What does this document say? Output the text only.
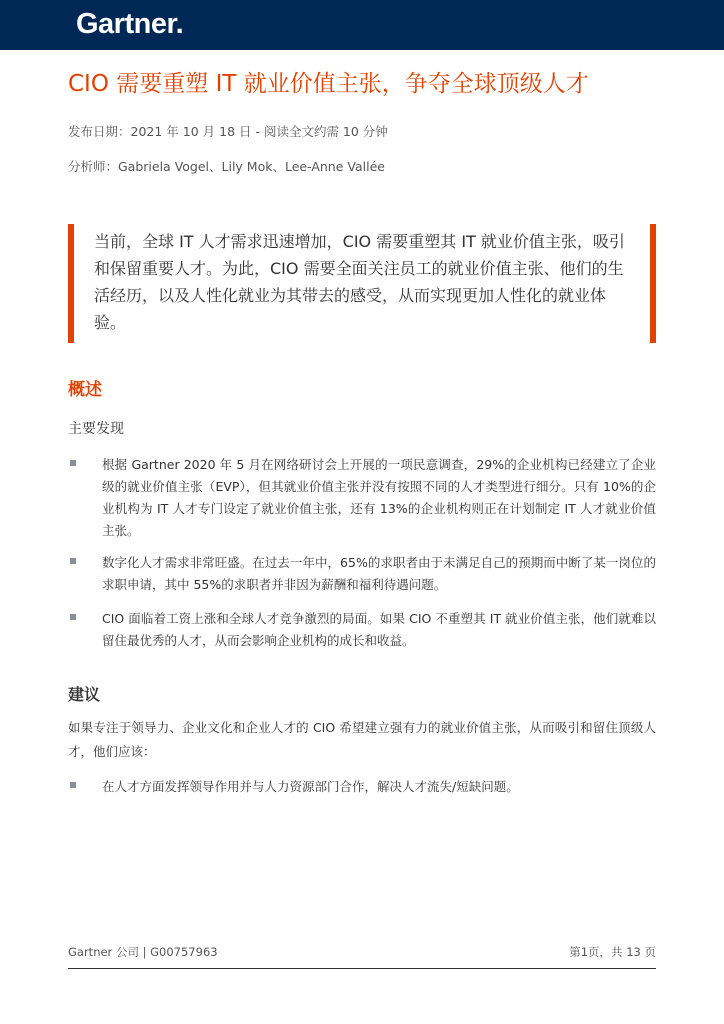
Gartner.
CIO 需要重塑 IT 就业价值主张，争夺全球顶级人才
发布日期：2021 年 10 月 18 日 - 阅读全文约需 10 分钟
分析师：Gabriela Vogel、Lily Mok、Lee-Anne Vallée
当前，全球 IT 人才需求迅速增加，CIO 需要重塑其 IT 就业价值主张，吸引和保留重要人才。为此，CIO 需要全面关注员工的就业价值主张、他们的生活经历，以及人性化就业为其带去的感受，从而实现更加人性化的就业体验。
概述
主要发现
根据 Gartner 2020 年 5 月在网络研讨会上开展的一项民意调查，29%的企业机构已经建立了企业级的就业价值主张（EVP），但其就业价值主张并没有按照不同的人才类型进行细分。只有 10%的企业机构为 IT 人才专门设定了就业价值主张，还有 13%的企业机构则正在计划制定 IT 人才就业价值主张。
数字化人才需求非常旺盛。在过去一年中，65%的求职者由于未满足自己的预期而中断了某一岗位的求职申请，其中 55%的求职者并非因为薪酬和福利待遇问题。
CIO 面临着工资上涨和全球人才竞争激烈的局面。如果 CIO 不重塑其 IT 就业价值主张，他们就难以留住最优秀的人才，从而会影响企业机构的成长和收益。
建议
如果专注于领导力、企业文化和企业人才的 CIO 希望建立强有力的就业价值主张，从而吸引和留住顶级人才，他们应该：
在人才方面发挥领导作用并与人力资源部门合作，解决人才流失/短缺问题。
Gartner 公司 | G00757963	第1页，共 13 页
